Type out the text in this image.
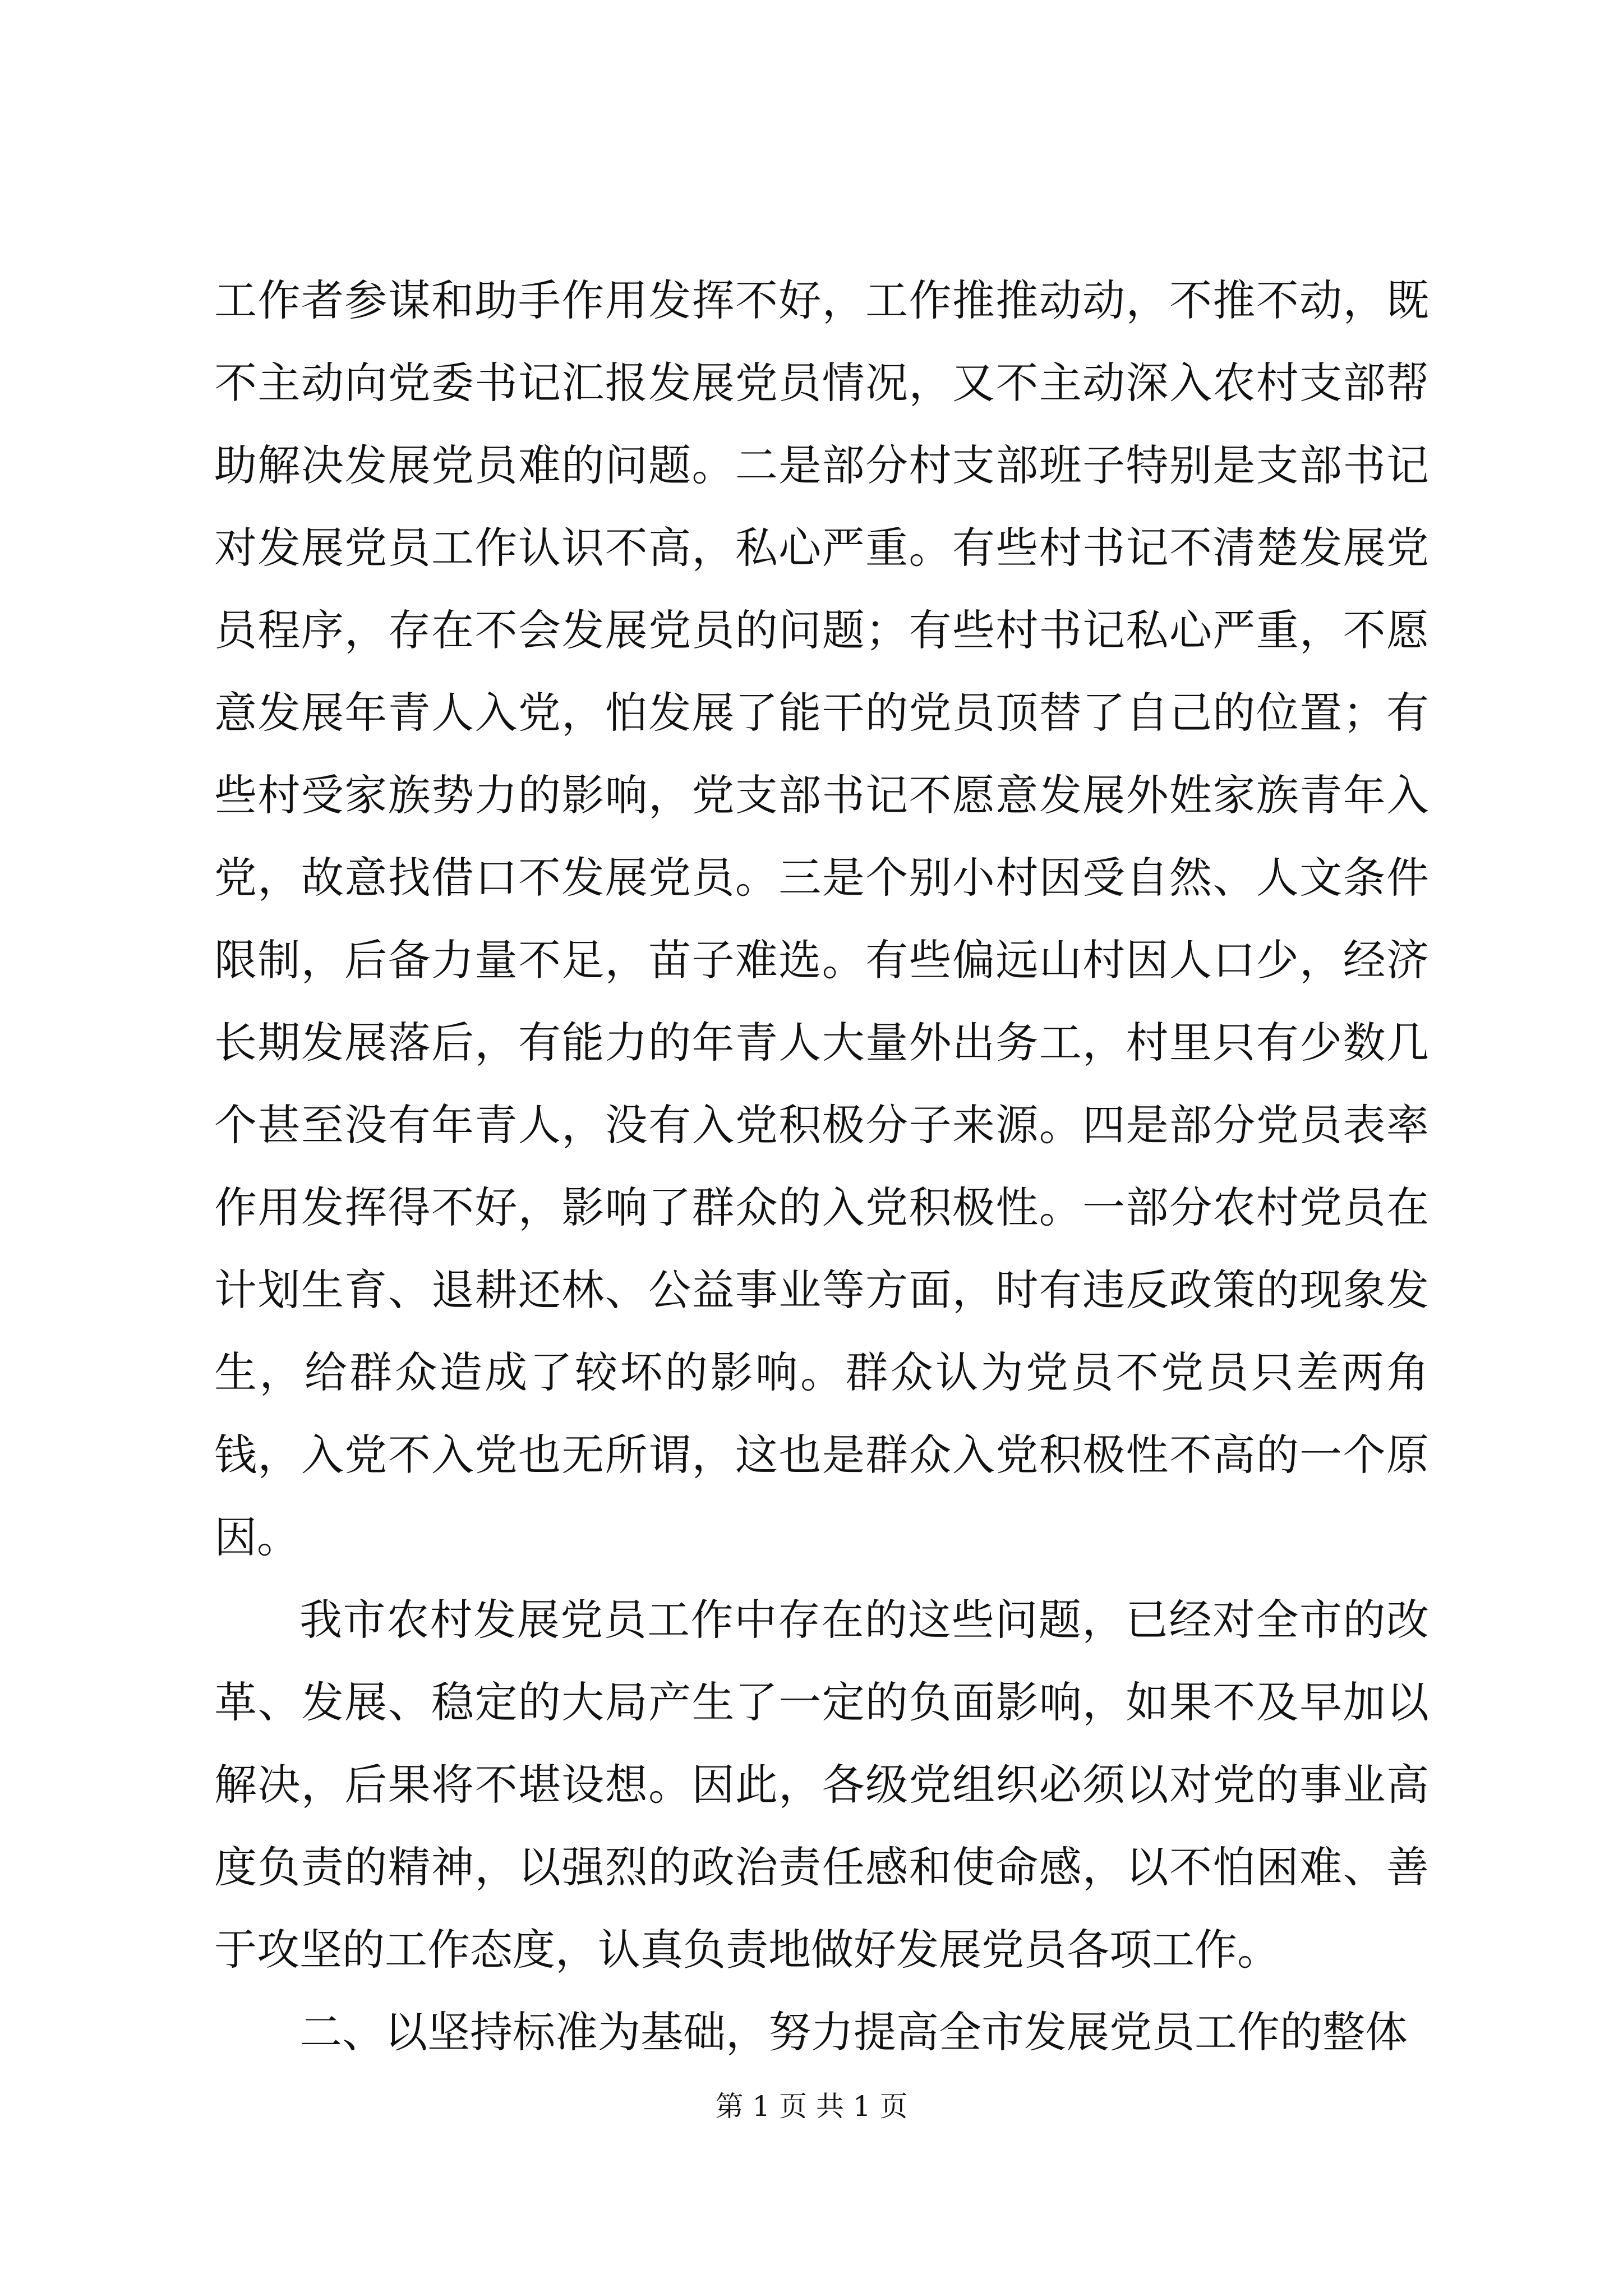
工作者参谋和助手作用发挥不好，工作推推动动，不推不动，既不主动向党委书记汇报发展党员情况，又不主动深入农村支部帮助解决发展党员难的问题。二是部分村支部班子特别是支部书记对发展党员工作认识不高，私心严重。有些村书记不清楚发展党员程序，存在不会发展党员的问题；有些村书记私心严重，不愿意发展年青人入党，怕发展了能干的党员顶替了自己的位置；有些村受家族势力的影响，党支部书记不愿意发展外姓家族青年入党，故意找借口不发展党员。三是个别小村因受自然、人文条件限制，后备力量不足，苗子难选。有些偏远山村因人口少，经济长期发展落后，有能力的年青人大量外出务工，村里只有少数几个甚至没有年青人，没有入党积极分子来源。四是部分党员表率作用发挥得不好，影响了群众的入党积极性。一部分农村党员在计划生育、退耕还林、公益事业等方面，时有违反政策的现象发生，给群众造成了较坏的影响。群众认为党员不党员只差两角钱，入党不入党也无所谓，这也是群众入党积极性不高的一个原因。

我市农村发展党员工作中存在的这些问题，已经对全市的改革、发展、稳定的大局产生了一定的负面影响，如果不及早加以解决，后果将不堪设想。因此，各级党组织必须以对党的事业高度负责的精神，以强烈的政治责任感和使命感，以不怕困难、善于攻坚的工作态度，认真负责地做好发展党员各项工作。

二、以坚持标准为基础，努力提高全市发展党员工作的整体

第 1 页 共 1 页
